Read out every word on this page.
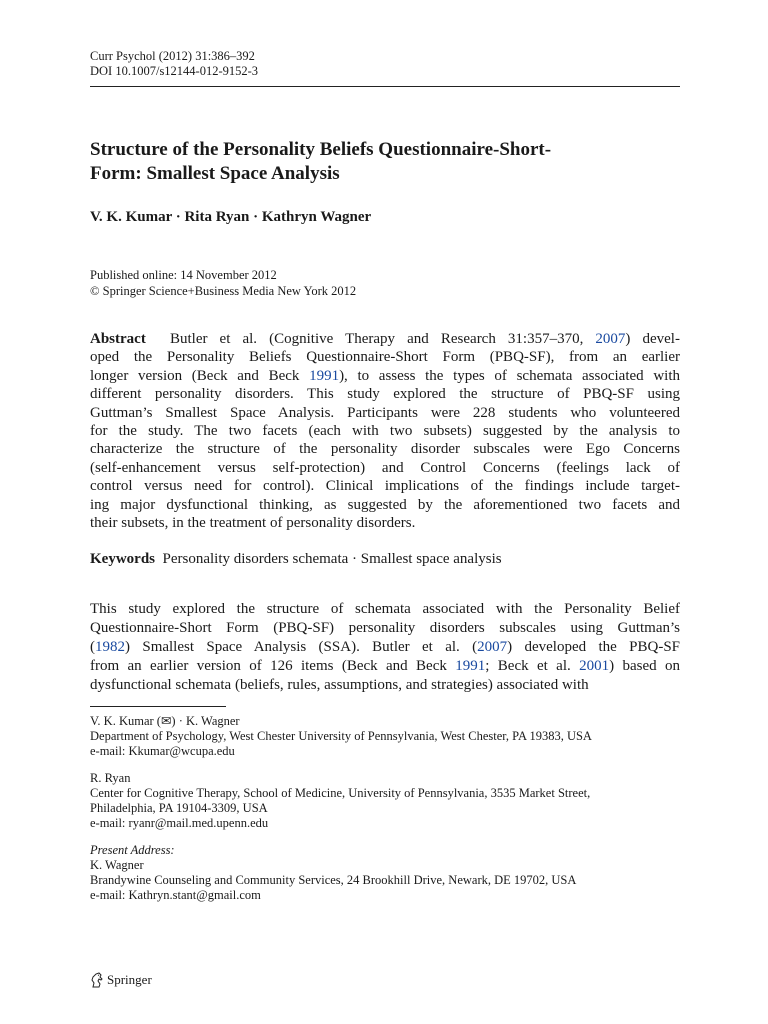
Curr Psychol (2012) 31:386–392
DOI 10.1007/s12144-012-9152-3
Structure of the Personality Beliefs Questionnaire-Short-
Form: Smallest Space Analysis
V. K. Kumar · Rita Ryan · Kathryn Wagner
Published online: 14 November 2012
© Springer Science+Business Media New York 2012
Abstract  Butler et al. (Cognitive Therapy and Research 31:357–370, 2007) devel-
oped the Personality Beliefs Questionnaire-Short Form (PBQ-SF), from an earlier
longer version (Beck and Beck 1991), to assess the types of schemata associated with
different personality disorders. This study explored the structure of PBQ-SF using
Guttman’s Smallest Space Analysis. Participants were 228 students who volunteered
for the study. The two facets (each with two subsets) suggested by the analysis to
characterize the structure of the personality disorder subscales were Ego Concerns
(self-enhancement versus self-protection) and Control Concerns (feelings lack of
control versus need for control). Clinical implications of the findings include target-
ing major dysfunctional thinking, as suggested by the aforementioned two facets and
their subsets, in the treatment of personality disorders.
Keywords Personality disorders schemata · Smallest space analysis
This study explored the structure of schemata associated with the Personality Belief
Questionnaire-Short Form (PBQ-SF) personality disorders subscales using Guttman’s
(1982) Smallest Space Analysis (SSA). Butler et al. (2007) developed the PBQ-SF
from an earlier version of 126 items (Beck and Beck 1991; Beck et al. 2001) based on
dysfunctional schemata (beliefs, rules, assumptions, and strategies) associated with
V. K. Kumar (✉) · K. Wagner
Department of Psychology, West Chester University of Pennsylvania, West Chester, PA 19383, USA
e-mail: Kkumar@wcupa.edu
R. Ryan
Center for Cognitive Therapy, School of Medicine, University of Pennsylvania, 3535 Market Street,
Philadelphia, PA 19104-3309, USA
e-mail: ryanr@mail.med.upenn.edu
Present Address:
K. Wagner
Brandywine Counseling and Community Services, 24 Brookhill Drive, Newark, DE 19702, USA
e-mail: Kathryn.stant@gmail.com
Springer
